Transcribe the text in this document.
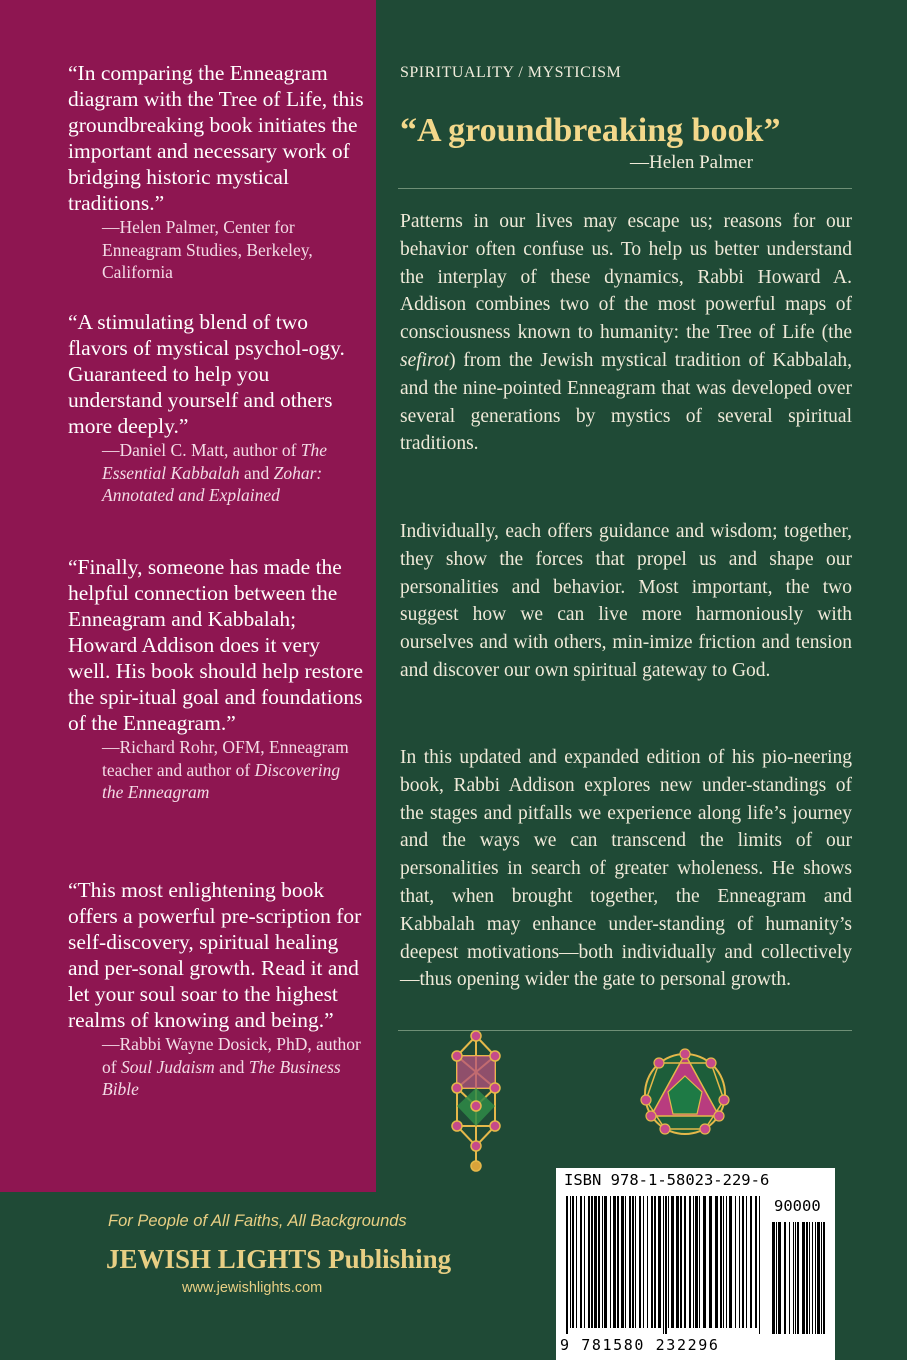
“In comparing the Enneagram diagram with the Tree of Life, this groundbreaking book initiates the important and necessary work of bridging historic mystical traditions.”

—Helen Palmer, Center for Enneagram Studies, Berkeley, California

“A stimulating blend of two flavors of mystical psychol-ogy. Guaranteed to help you understand yourself and others more deeply.”

—Daniel C. Matt, author of The Essential Kabbalah and Zohar: Annotated and Explained

“Finally, someone has made the helpful connection between the Enneagram and Kabbalah; Howard Addison does it very well. His book should help restore the spir-itual goal and foundations of the Enneagram.”

—Richard Rohr, OFM, Enneagram teacher and author of Discovering the Enneagram

“This most enlightening book offers a powerful pre-scription for self-discovery, spiritual healing and per-sonal growth. Read it and let your soul soar to the highest realms of knowing and being.”

—Rabbi Wayne Dosick, PhD, author of Soul Judaism and The Business Bible

SPIRITUALITY / MYSTICISM
“A groundbreaking book”
—Helen Palmer

Patterns in our lives may escape us; reasons for our behavior often confuse us. To help us better understand the interplay of these dynamics, Rabbi Howard A. Addison combines two of the most powerful maps of consciousness known to humanity: the Tree of Life (the sefirot) from the Jewish mystical tradition of Kabbalah, and the nine-pointed Enneagram that was developed over several generations by mystics of several spiritual traditions.

Individually, each offers guidance and wisdom; together, they show the forces that propel us and shape our personalities and behavior. Most important, the two suggest how we can live more harmoniously with ourselves and with others, min-imize friction and tension and discover our own spiritual gateway to God.

In this updated and expanded edition of his pio-neering book, Rabbi Addison explores new under-standings of the stages and pitfalls we experience along life’s journey and the ways we can transcend the limits of our personalities in search of greater wholeness. He shows that, when brought together, the Enneagram and Kabbalah may enhance under-standing of humanity’s deepest motivations—both individually and collectively—thus opening wider the gate to personal growth.

ISBN 978-1-58023-229-6
90000
9 781580 232296
For People of All Faiths, All Backgrounds
JEWISH LIGHTS Publishing
www.jewishlights.com
